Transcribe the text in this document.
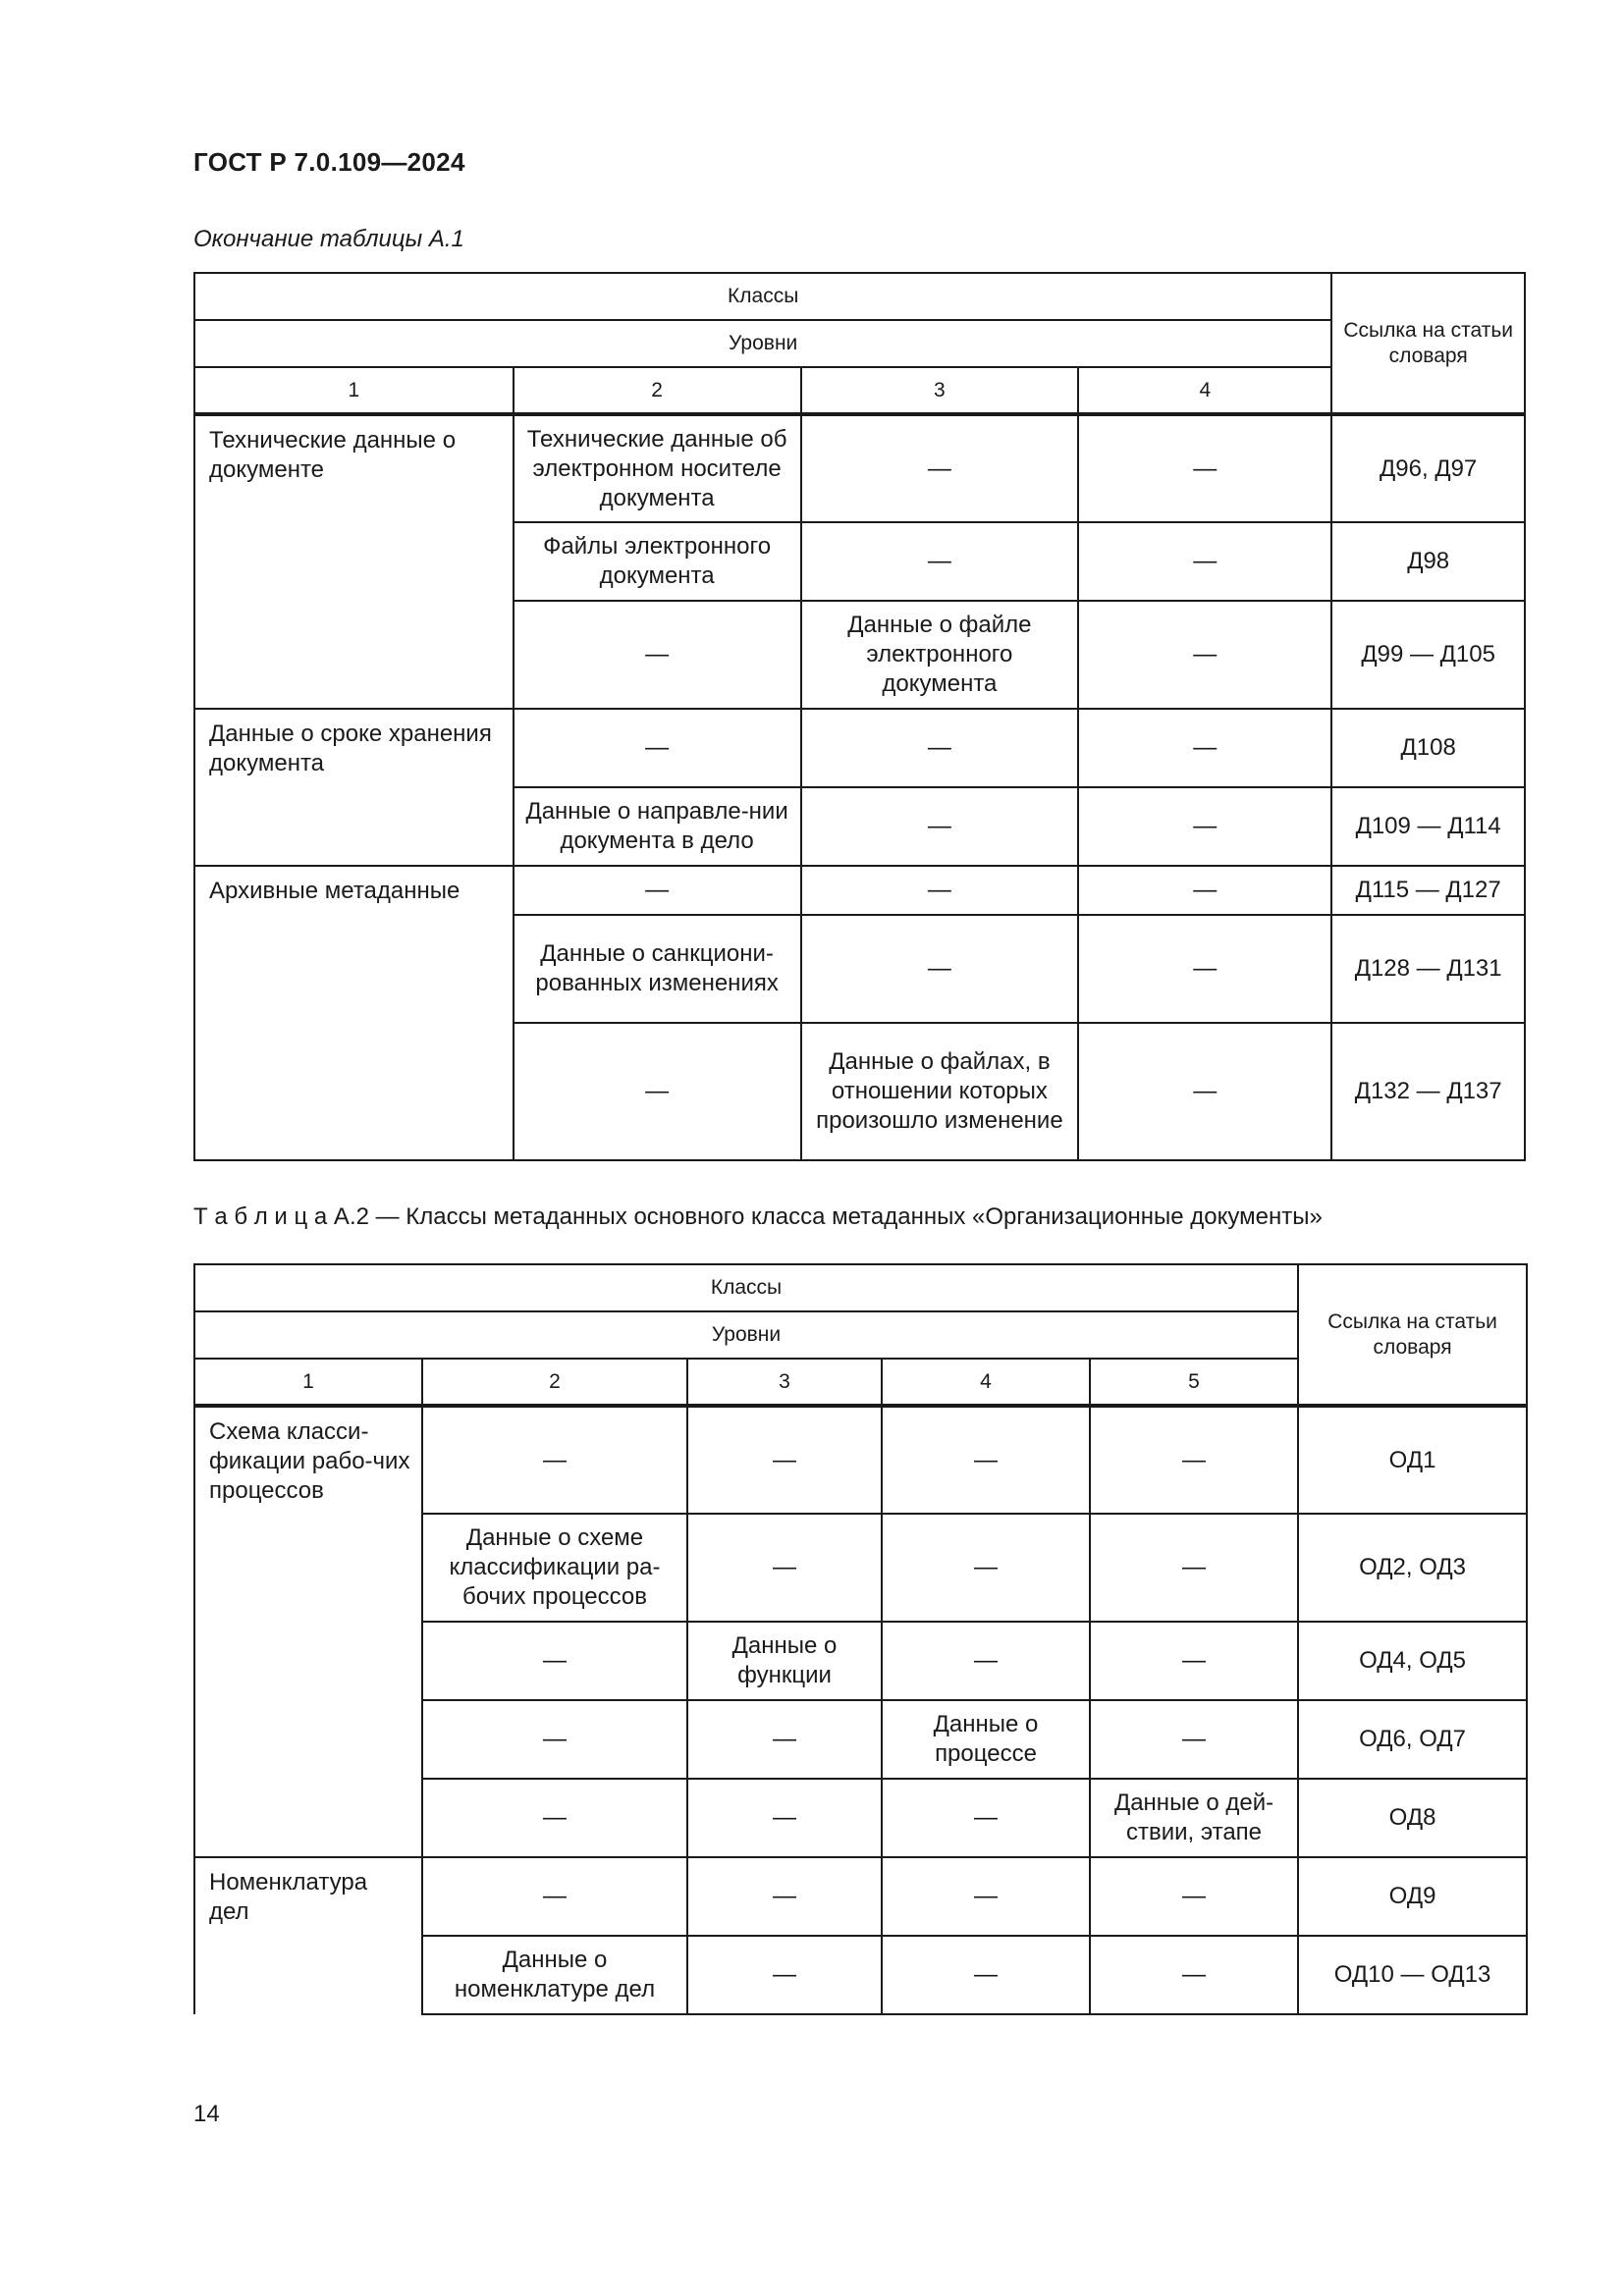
ГОСТ Р 7.0.109—2024
Окончание таблицы А.1
Классы				Ссылка на статьи словаря
Уровни				
1	2	3	4	
Технические данные о документе	Технические данные об электронном носителе документа	—	—	Д96, Д97
	Файлы электронного документа	—	—	Д98
	—	Данные о файле электронного документа	—	Д99 — Д105
Данные о сроке хранения документа	—	—	—	Д108
	Данные о направле-нии документа в дело	—	—	Д109 — Д114
Архивные метаданные	—	—	—	Д115 — Д127
	Данные о санкциони-рованных изменениях	—	—	Д128 — Д131
	—	Данные о файлах, в отношении которых произошло изменение	—	Д132 — Д137
Т а б л и ц а А.2 — Классы метаданных основного класса метаданных «Организационные документы»
Классы					Ссылка на статьи словаря
Уровни					
1	2	3	4	5	
Схема класси-фикации рабо-чих процессов	—	—	—	—	ОД1
	Данные о схеме классификации ра-бочих процессов	—	—	—	ОД2, ОД3
	—	Данные о функции	—	—	ОД4, ОД5
	—	—	Данные о процессе	—	ОД6, ОД7
	—	—	—	Данные о дей-ствии, этапе	ОД8
Номенклатура дел	—	—	—	—	ОД9
	Данные о номенклатуре дел	—	—	—	ОД10 — ОД13
14
